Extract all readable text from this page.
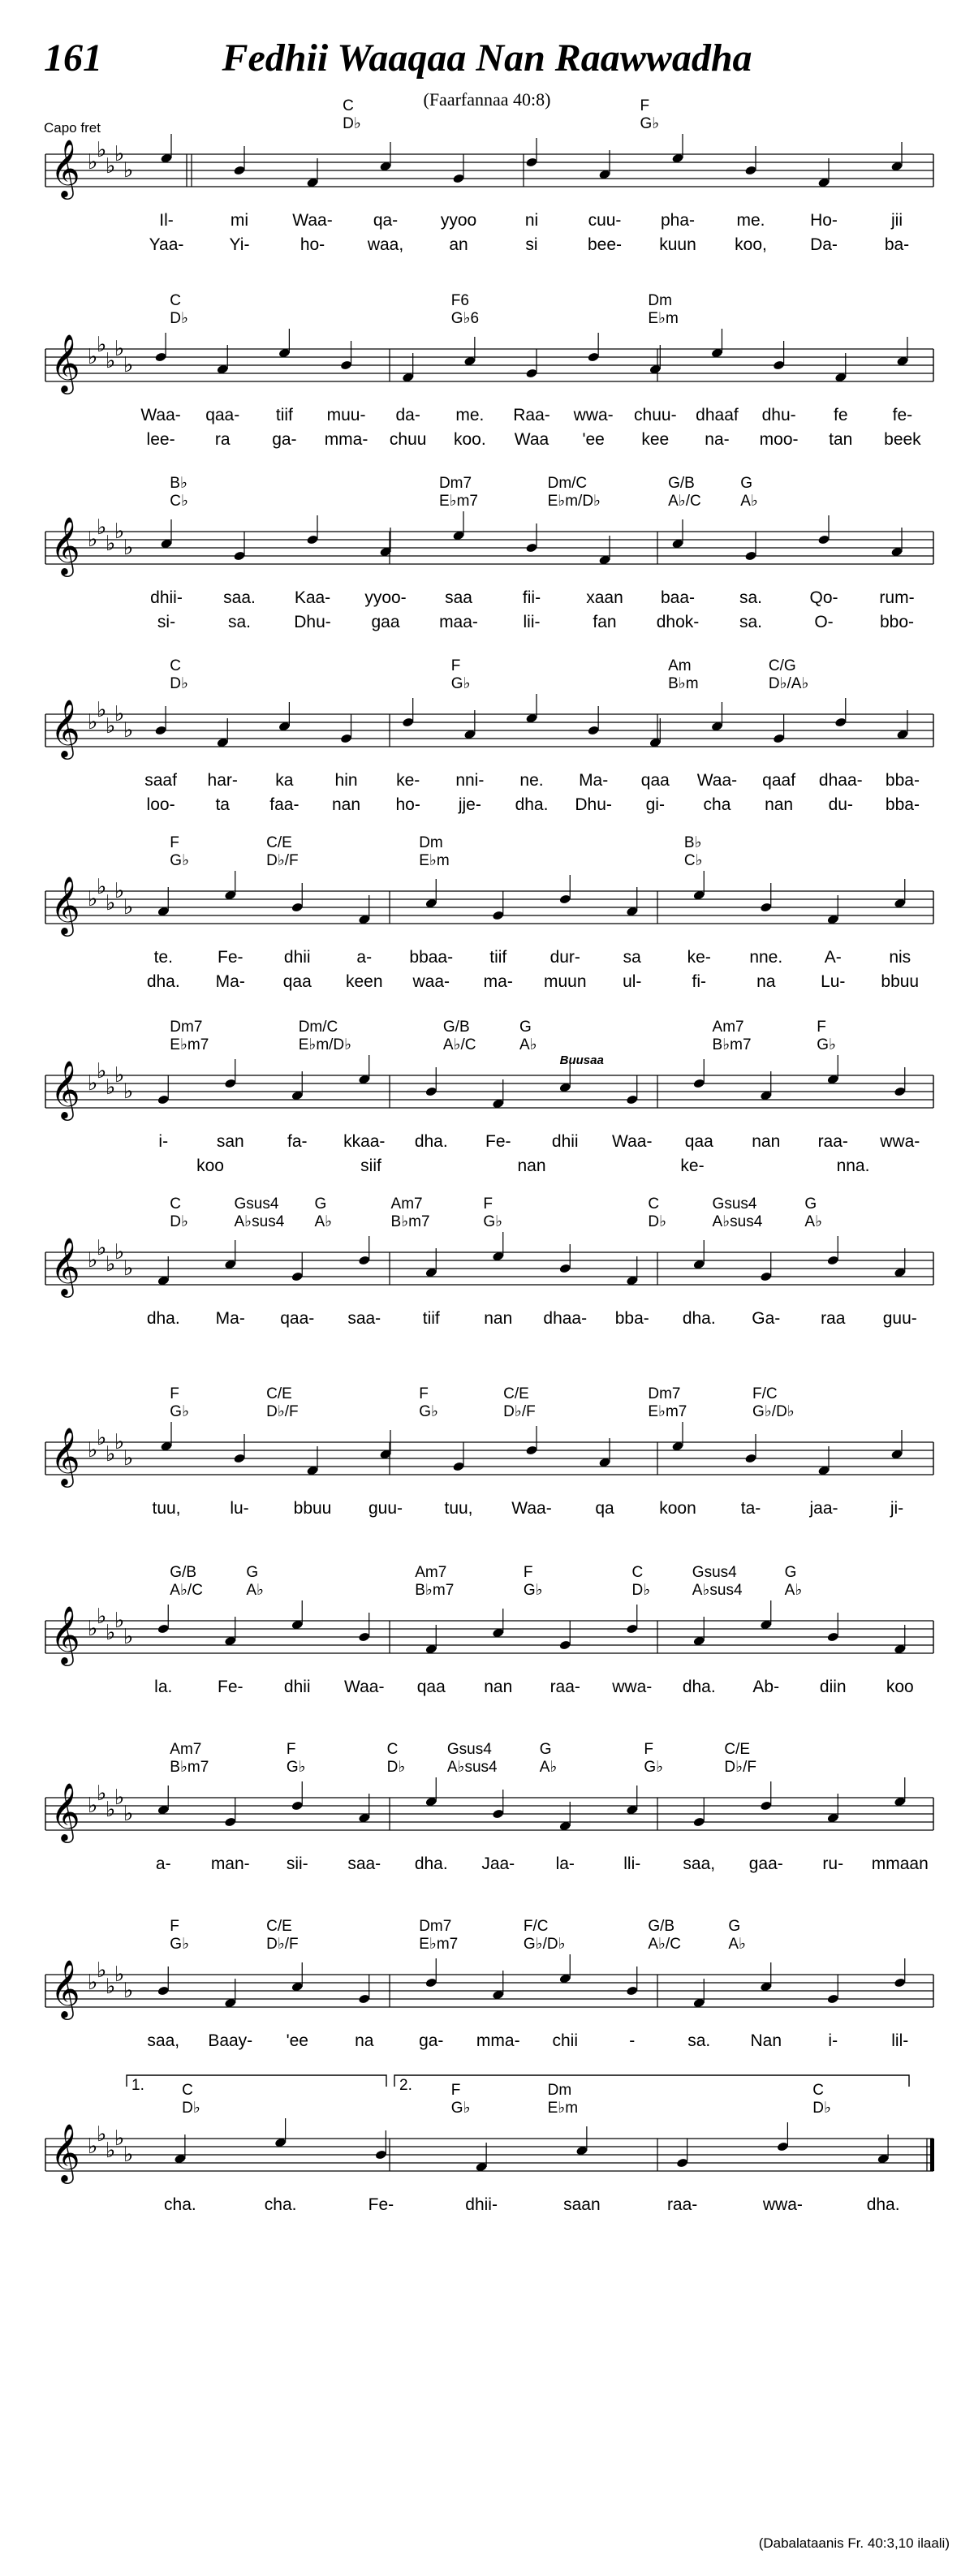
161	Fedhii Waaqaa Nan Raawwadha
(Faarfannaa 40:8)
Capo fret
𝄞 ♭
♭
♭
♭
♭
C
D♭
F
G♭
Il-	mi	Waa- qa-	yyoo	ni	cuu- pha- me.	Ho-	jii
Yaa-	Yi-	ho-	waa,	an	si	bee- kuun koo,	Da-	ba-
𝄞 ♭
♭
♭
♭
♭
C
D♭
F6
G♭6
Dm
E♭m
Waa- qaa- tiif muu- da- me. Raa- wwa- chuu- dhaaf dhu- fe	fe-
lee- ra ga- mma- chuu koo. Waa 'ee kee na- moo- tan beek
𝄞 ♭
♭
♭
♭
♭
B♭
C♭
Dm7
E♭m7
Dm/C
E♭m/D♭
G/B
A♭/C
G
A♭
dhii- saa. Kaa- yyoo- saa	fii-	xaan baa-	sa.	Qo- rum-
si-	sa.	Dhu- gaa maa-	lii-	fan dhok- sa.	O-	bbo-
𝄞 ♭
♭
♭
♭
♭
C
D♭
F
G♭
Am
B♭m
C/G
D♭/A♭
saaf har- ka hin ke- nni- ne. Ma- qaa Waa- qaaf dhaa- bba-
loo- ta faa- nan ho- jje- dha. Dhu- gi- cha nan du- bba-
𝄞 ♭
♭
♭
♭
♭
F
G♭
C/E
D♭/F
Dm
E♭m
B♭
C♭
te.	Fe- dhii	a- bbaa- tiif	dur-	sa	ke- nne. A-	nis
dha. Ma- qaa keen waa- ma- muun ul-	fi-	na	Lu- bbuu
𝄞 ♭
♭
♭
♭
♭
Dm7
E♭m7
Dm/C
E♭m/D♭
G/B
A♭/C
G
A♭
Am7
B♭m7
F
G♭
Buusaa
i-	san	fa- kkaa- dha. Fe- dhii Waa- qaa nan raa- wwa-
koo	siif	nan	ke-	nna.
𝄞 ♭
♭
♭
♭
♭
C
D♭
Gsus4
A♭sus4
G
A♭
Am7
B♭m7
F
G♭
C
D♭
Gsus4
A♭sus4
G
A♭
dha. Ma- qaa- saa- tiif	nan dhaa- bba- dha. Ga- raa guu-
𝄞 ♭
♭
♭
♭
♭
F
G♭
C/E
D♭/F
F
G♭
C/E
D♭/F
Dm7
E♭m7
F/C
G♭/D♭
tuu,	lu-	bbuu guu- tuu, Waa-	qa	koon	ta-	jaa-	ji-
𝄞 ♭
♭
♭
♭
♭
G/B
A♭/C
G
A♭
Am7
B♭m7
F
G♭
C
D♭
Gsus4
A♭sus4
G
A♭
la.	Fe- dhii Waa- qaa nan raa- wwa- dha. Ab- diin koo
𝄞 ♭
♭
♭
♭
♭
Am7
B♭m7
F
G♭
C
D♭
Gsus4
A♭sus4
G
A♭
F
G♭
C/E
D♭/F
a- man- sii- saa- dha. Jaa- la-	lli- saa, gaa- ru- mmaan
𝄞 ♭
♭
♭
♭
♭
F
G♭
C/E
D♭/F
Dm7
E♭m7
F/C
G♭/D♭
G/B
A♭/C
G
A♭
saa, Baay- 'ee	na	ga- mma- chii	-	sa. Nan	i-	lil-
𝄞 ♭
♭
♭
♭
♭
C
D♭
F
G♭
Dm
E♭m
C
D♭
1.	2.
cha.	cha.	Fe-	dhii-	saan	raa-	wwa-	dha.
(Dabalataanis Fr. 40:3,10 ilaali)
